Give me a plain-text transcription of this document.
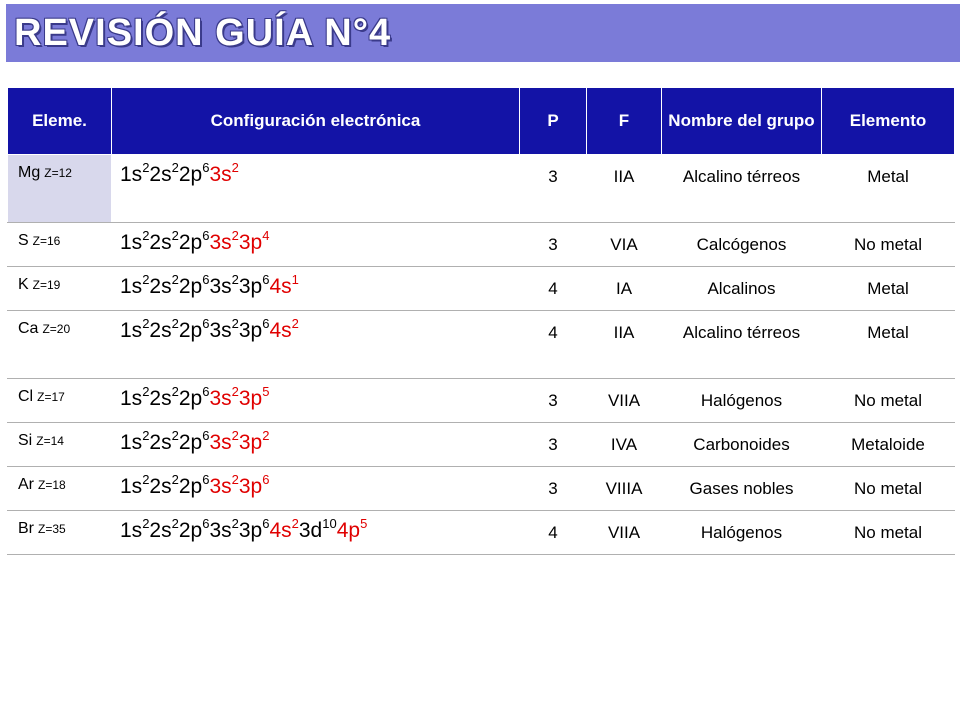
REVISIÓN GUÍA N°4
Eleme.	Configuración electrónica	P	F	Nombre del grupo	Elemento
Mg Z=12	$1s^22s^22p^63s^2$	3	IIA	Alcalino térreos	Metal
S Z=16	$1s^22s^22p^63s^23p^4$	3	VIA	Calcógenos	No metal
K Z=19	$1s^22s^22p^63s^23p^64s^1$	4	IA	Alcalinos	Metal
Ca Z=20	$1s^22s^22p^63s^23p^64s^2$	4	IIA	Alcalino térreos	Metal
Cl Z=17	$1s^22s^22p^63s^23p^5$	3	VIIA	Halógenos	No metal
Si Z=14	$1s^22s^22p^63s^23p^2$	3	IVA	Carbonoides	Metaloide
Ar Z=18	$1s^22s^22p^63s^23p^6$	3	VIIIA	Gases nobles	No metal
Br Z=35	$1s^22s^22p^63s^23p^64s^23d^{10}4p^5$	4	VIIA	Halógenos	No metal
